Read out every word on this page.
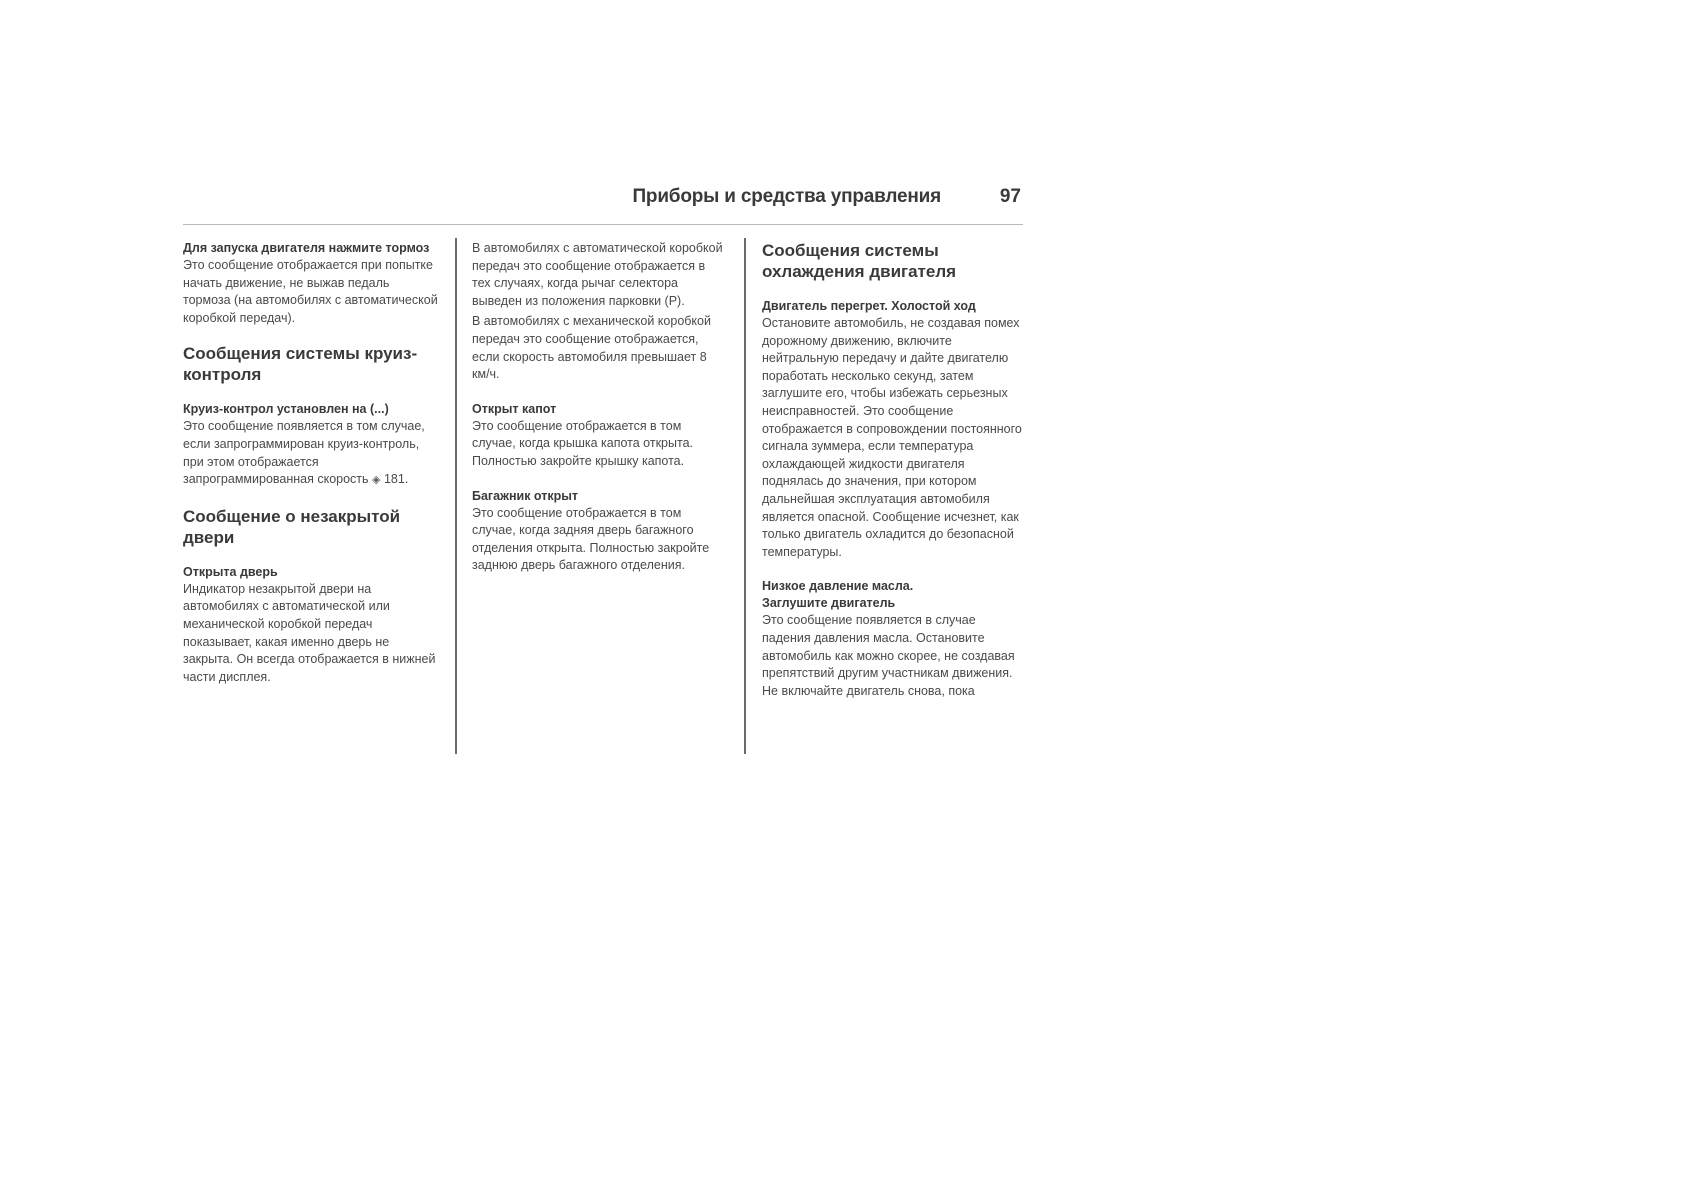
Приборы и средства управления	97

Для запуска двигателя нажмите тормоз

Это сообщение отображается при попытке начать движение, не выжав педаль тормоза (на автомобилях с автоматической коробкой передач).

Сообщения системы круиз-контроля

Круиз-контрол установлен на (...)

Это сообщение появляется в том случае, если запрограммирован круиз-контроль, при этом отображается запрограммированная скорость ◈ 181.

Сообщение о незакрытой двери

Открыта дверь

Индикатор незакрытой двери на автомобилях с автоматической или механической коробкой передач показывает, какая именно дверь не закрыта. Он всегда отображается в нижней части дисплея.

В автомобилях с автоматической коробкой передач это сообщение отображается в тех случаях, когда рычаг селектора выведен из положения парковки (P).

В автомобилях с механической коробкой передач это сообщение отображается, если скорость автомобиля превышает 8 км/ч.

Открыт капот

Это сообщение отображается в том случае, когда крышка капота открыта. Полностью закройте крышку капота.

Багажник открыт

Это сообщение отображается в том случае, когда задняя дверь багажного отделения открыта. Полностью закройте заднюю дверь багажного отделения.

Сообщения системы охлаждения двигателя

Двигатель перегрет. Холостой ход

Остановите автомобиль, не создавая помех дорожному движению, включите нейтральную передачу и дайте двигателю поработать несколько секунд, затем заглушите его, чтобы избежать серьезных неисправностей. Это сообщение отображается в сопровождении постоянного сигнала зуммера, если температура охлаждающей жидкости двигателя поднялась до значения, при котором дальнейшая эксплуатация автомобиля является опасной. Сообщение исчезнет, как только двигатель охладится до безопасной температуры.

Низкое давление масла.
Заглушите двигатель

Это сообщение появляется в случае падения давления масла. Остановите автомобиль как можно скорее, не создавая препятствий другим участникам движения. Не включайте двигатель снова, пока
